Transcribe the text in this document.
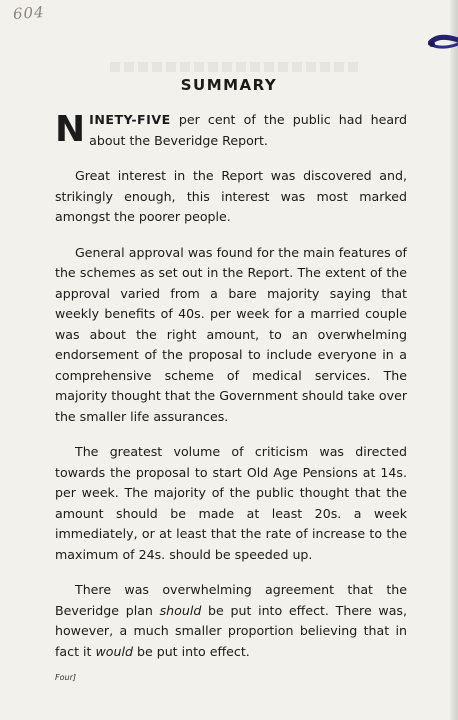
604
SUMMARY
N INETY-FIVE per cent of the public had heard about the Beveridge Report.

Great interest in the Report was discovered and, strikingly enough, this interest was most marked amongst the poorer people.

General approval was found for the main features of the schemes as set out in the Report. The extent of the approval varied from a bare majority saying that weekly benefits of 40s. per week for a married couple was about the right amount, to an overwhelming endorsement of the proposal to include everyone in a comprehensive scheme of medical services. The majority thought that the Government should take over the smaller life assurances.

The greatest volume of criticism was directed towards the proposal to start Old Age Pensions at 14s. per week. The majority of the public thought that the amount should be made at least 20s. a week immediately, or at least that the rate of increase to the maximum of 24s. should be speeded up.

There was overwhelming agreement that the Beveridge plan should be put into effect. There was, however, a much smaller proportion believing that in fact it would be put into effect.

Four]
